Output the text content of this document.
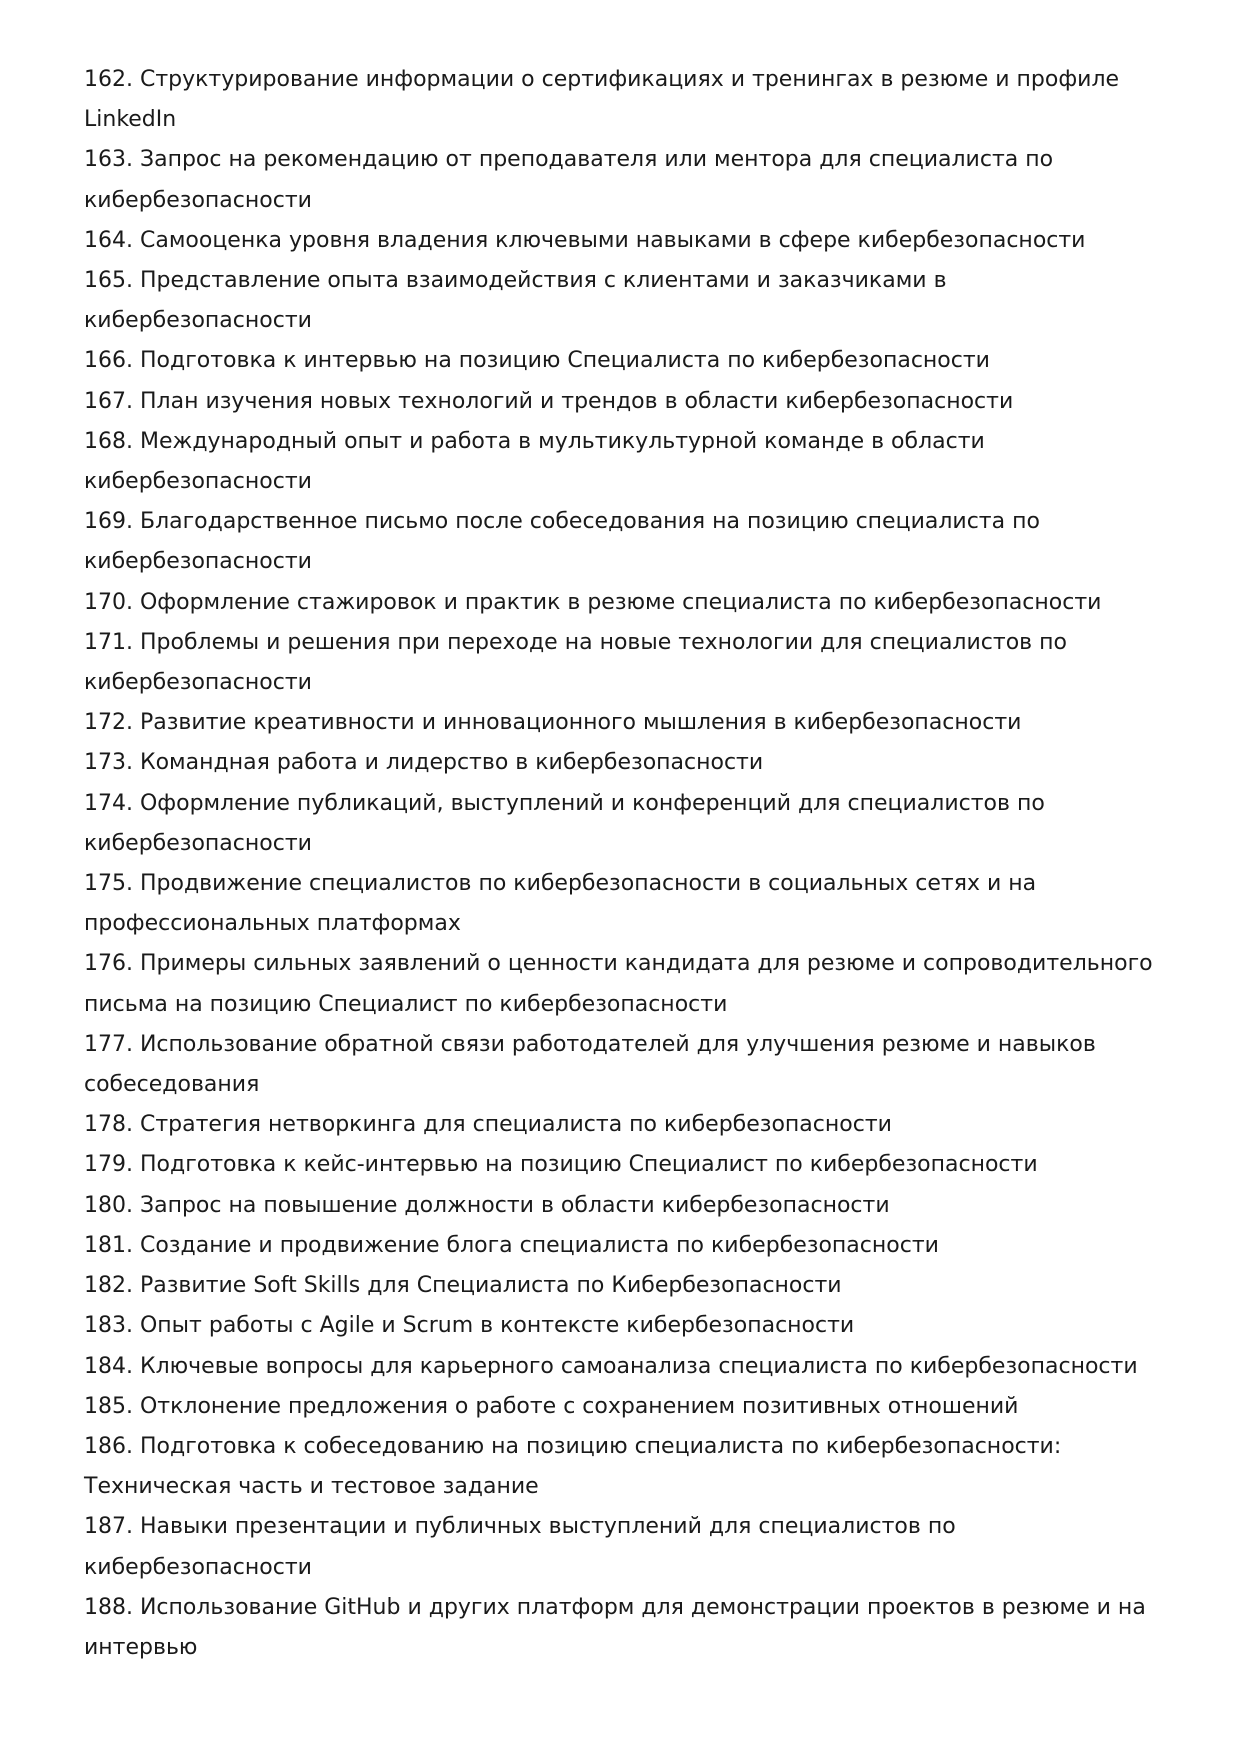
162. Структурирование информации о сертификациях и тренингах в резюме и профиле LinkedIn
163. Запрос на рекомендацию от преподавателя или ментора для специалиста по кибербезопасности
164. Самооценка уровня владения ключевыми навыками в сфере кибербезопасности
165. Представление опыта взаимодействия с клиентами и заказчиками в кибербезопасности
166. Подготовка к интервью на позицию Специалиста по кибербезопасности
167. План изучения новых технологий и трендов в области кибербезопасности
168. Международный опыт и работа в мультикультурной команде в области кибербезопасности
169. Благодарственное письмо после собеседования на позицию специалиста по кибербезопасности
170. Оформление стажировок и практик в резюме специалиста по кибербезопасности
171. Проблемы и решения при переходе на новые технологии для специалистов по кибербезопасности
172. Развитие креативности и инновационного мышления в кибербезопасности
173. Командная работа и лидерство в кибербезопасности
174. Оформление публикаций, выступлений и конференций для специалистов по кибербезопасности
175. Продвижение специалистов по кибербезопасности в социальных сетях и на профессиональных платформах
176. Примеры сильных заявлений о ценности кандидата для резюме и сопроводительного письма на позицию Специалист по кибербезопасности
177. Использование обратной связи работодателей для улучшения резюме и навыков собеседования
178. Стратегия нетворкинга для специалиста по кибербезопасности
179. Подготовка к кейс-интервью на позицию Специалист по кибербезопасности
180. Запрос на повышение должности в области кибербезопасности
181. Создание и продвижение блога специалиста по кибербезопасности
182. Развитие Soft Skills для Специалиста по Кибербезопасности
183. Опыт работы с Agile и Scrum в контексте кибербезопасности
184. Ключевые вопросы для карьерного самоанализа специалиста по кибербезопасности
185. Отклонение предложения о работе с сохранением позитивных отношений
186. Подготовка к собеседованию на позицию специалиста по кибербезопасности: Техническая часть и тестовое задание
187. Навыки презентации и публичных выступлений для специалистов по кибербезопасности
188. Использование GitHub и других платформ для демонстрации проектов в резюме и на интервью
